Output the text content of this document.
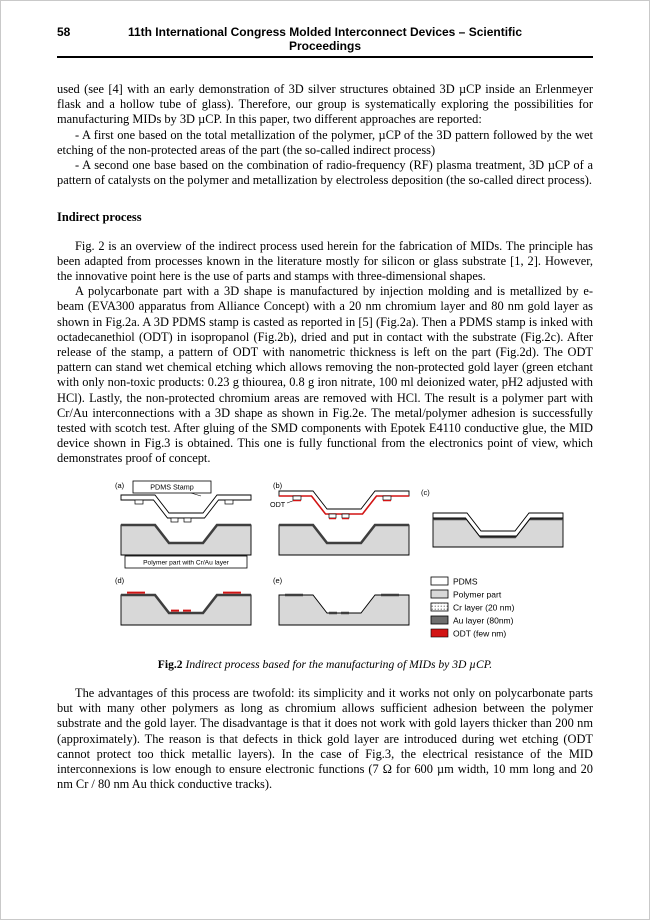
58	11th International Congress Molded Interconnect Devices – Scientific
Proceedings

used (see [4] with an early demonstration of 3D silver structures obtained 3D µCP inside an Erlenmeyer flask and a hollow tube of glass). Therefore, our group is systematically exploring the possibilities for manufacturing MIDs by 3D µCP. In this paper, two different approaches are reported:

- A first one based on the total metallization of the polymer, µCP of the 3D pattern followed by the wet etching of the non-protected areas of the part (the so-called indirect process)

- A second one base based on the combination of radio-frequency (RF) plasma treatment, 3D µCP of a pattern of catalysts on the polymer and metallization by electroless deposition (the so-called direct process).

Indirect process

Fig. 2 is an overview of the indirect process used herein for the fabrication of MIDs. The principle has been adapted from processes known in the literature mostly for silicon or glass substrate [1, 2]. However, the innovative point here is the use of parts and stamps with three-dimensional shapes.

A polycarbonate part with a 3D shape is manufactured by injection molding and is metallized by e-beam (EVA300 apparatus from Alliance Concept) with a 20 nm chromium layer and 80 nm gold layer as shown in Fig.2a. A 3D PDMS stamp is casted as reported in [5] (Fig.2a). Then a PDMS stamp is inked with octadecanethiol (ODT) in isopropanol (Fig.2b), dried and put in contact with the substrate (Fig.2c). After release of the stamp, a pattern of ODT with nanometric thickness is left on the part (Fig.2d). The ODT pattern can stand wet chemical etching which allows removing the non-protected gold layer (green etchant with only non-toxic products: 0.23 g thiourea, 0.8 g iron nitrate, 100 ml deionized water, pH2 adjusted with HCl). Lastly, the non-protected chromium areas are removed with HCl. The result is a polymer part with Cr/Au interconnections with a 3D shape as shown in Fig.2e. The metal/polymer adhesion is successfully tested with scotch test. After gluing of the SMD components with Epotek E4110 conductive glue, the MID device shown in Fig.3 is obtained. This one is fully functional from the electronics point of view, which demonstrates proof of concept.

(a)	PDMS Stamp
Polymer part with Cr/Au layer
(b)
ODT
(c)
(d)	(e)	PDMS
Polymer part
Cr layer (20 nm)
Au layer (80nm)
ODT (few nm)
Fig.2 Indirect process based for the manufacturing of MIDs by 3D µCP.

The advantages of this process are twofold: its simplicity and it works not only on polycarbonate parts but with many other polymers as long as chromium allows sufficient adhesion between the polymer substrate and the gold layer. The disadvantage is that it does not work with gold layers thicker than 200 nm (approximately). The reason is that defects in thick gold layer are introduced during wet etching (ODT cannot protect too thick metallic layers). In the case of Fig.3, the electrical resistance of the MID interconnexions is low enough to ensure electronic functions (7 Ω for 600 µm width, 10 mm long and 20 nm Cr / 80 nm Au thick conductive tracks).
